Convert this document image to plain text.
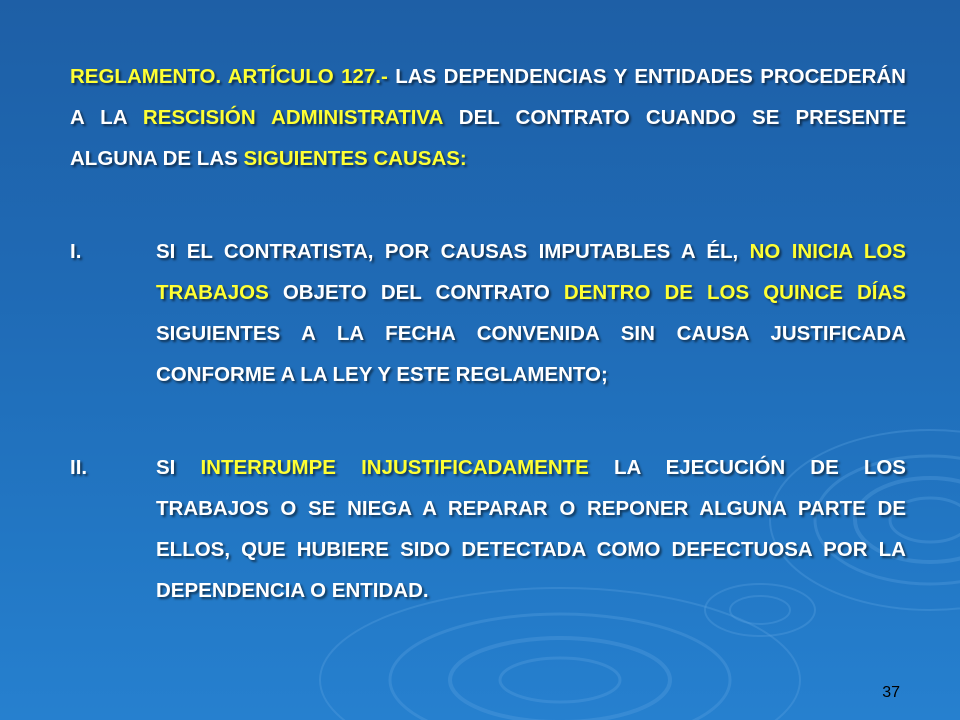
REGLAMENTO. ARTÍCULO 127.- LAS DEPENDENCIAS Y ENTIDADES PROCEDERÁN A LA RESCISIÓN ADMINISTRATIVA DEL CONTRATO CUANDO SE PRESENTE ALGUNA DE LAS SIGUIENTES CAUSAS:
I.	SI EL CONTRATISTA, POR CAUSAS IMPUTABLES A ÉL, NO INICIA LOS TRABAJOS OBJETO DEL CONTRATO DENTRO DE LOS QUINCE DÍAS SIGUIENTES A LA FECHA CONVENIDA SIN CAUSA JUSTIFICADA CONFORME A LA LEY Y ESTE REGLAMENTO;
II.	SI INTERRUMPE INJUSTIFICADAMENTE LA EJECUCIÓN DE LOS TRABAJOS O SE NIEGA A REPARAR O REPONER ALGUNA PARTE DE ELLOS, QUE HUBIERE SIDO DETECTADA COMO DEFECTUOSA POR LA DEPENDENCIA O ENTIDAD.
37
